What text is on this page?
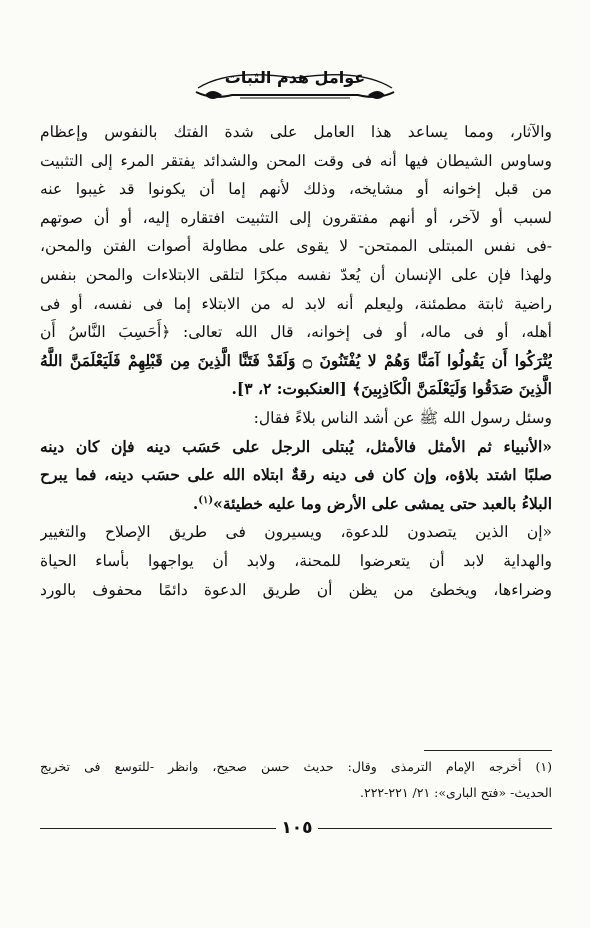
عوامل هدم الثبات
والآثار، ومما يساعد هذا العامل على شدة الفتك بالنفوس وإعظام
وساوس الشيطان فيها أنه فى وقت المحن والشدائد يفتقر المرء إلى التثبيت
من قبل إخوانه أو مشايخه، وذلك لأنهم إما أن يكونوا قد غيبوا عنه
لسبب أو لآخر، أو أنهم مفتقرون إلى التثبيت افتقاره إليه، أو أن صوتهم
-فى نفس المبتلى الممتحن- لا يقوى على مطاولة أصوات الفتن والمحن،
ولهذا فإن على الإنسان أن يُعدّ نفسه مبكرًا لتلقى الابتلاءات والمحن بنفس
راضية ثابتة مطمئنة، وليعلم أنه لابد له من الابتلاء إما فى نفسه، أو فى
أهله، أو فى ماله، أو فى إخوانه، قال الله تعالى: ﴿أَحَسِبَ النَّاسُ أَن
يُتْرَكُوا أَن يَقُولُوا آمَنَّا وَهُمْ لا يُفْتَنُونَ ۝ وَلَقَدْ فَتَنَّا الَّذِينَ مِن قَبْلِهِمْ فَلَيَعْلَمَنَّ اللَّهُ
الَّذِينَ صَدَقُوا وَلَيَعْلَمَنَّ الْكَاذِبِينَ﴾ [العنكبوت: ٢، ٣].
وسئل رسول الله ﷺ عن أشد الناس بلاءً فقال:
«الأنبياء ثم الأمثل فالأمثل، يُبتلى الرجل على حَسَب دينه فإن كان دينه
صلبًا اشتد بلاؤه، وإن كان فى دينه رقةٌ ابتلاه الله على حسَب دينه، فما يبرح
البلاءُ بالعبد حتى يمشى على الأرض وما عليه خطيئة»$^{(١)}$.
«إن الذين يتصدون للدعوة، ويسيرون فى طريق الإصلاح والتغيير
والهداية لابد أن يتعرضوا للمحنة، ولابد أن يواجهوا بأساء الحياة
وضراءها، ويخطئ من يظن أن طريق الدعوة دائمًا محفوف بالورد
(١) أخرجه الإمام الترمذى وقال: حديث حسن صحيح، وانظر -للتوسع فى تخريج
الحديث- «فتح البارى»: ٢١/ ٢٢١-٢٢٢.
١٠٥
